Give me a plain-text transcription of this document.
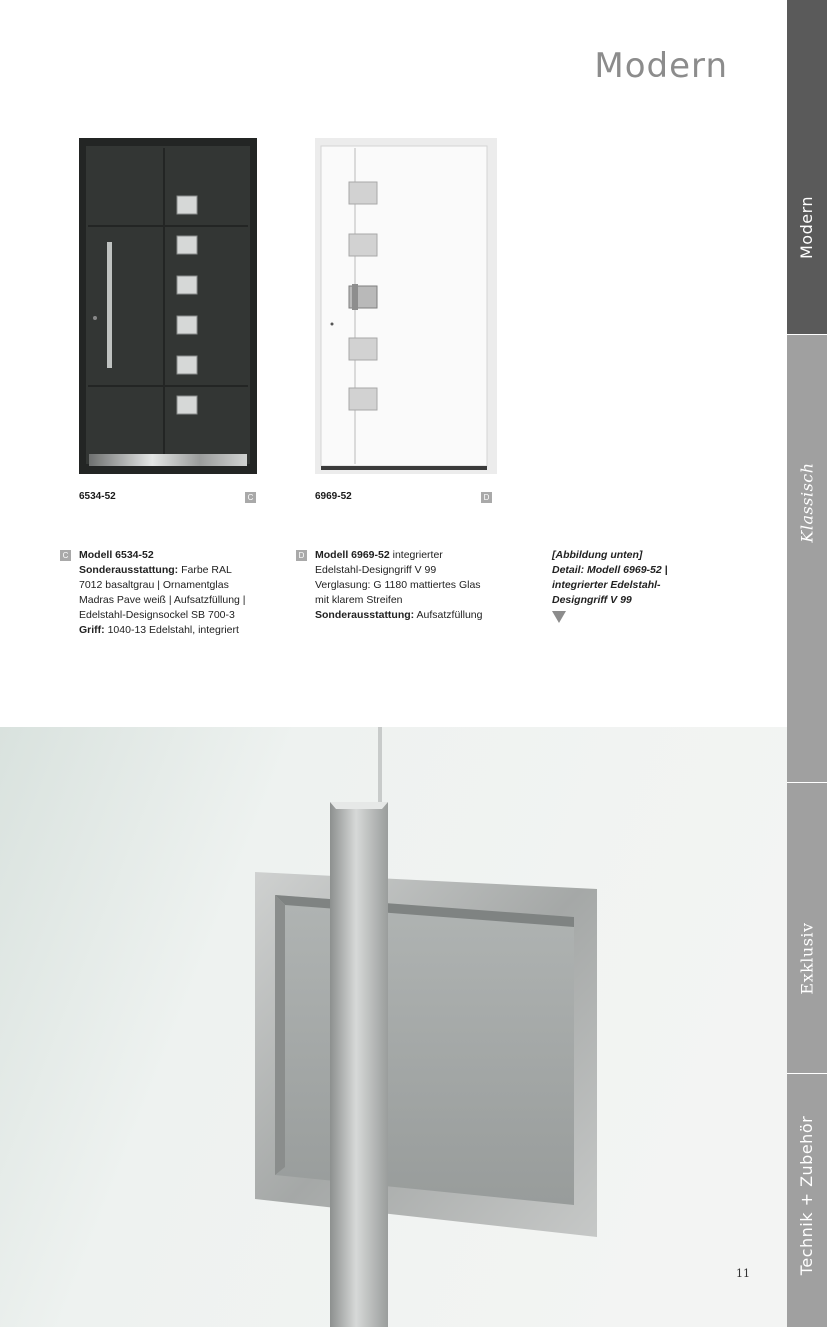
Modern
Modern
Klassisch
Exklusiv
Technik + Zubehör
6534-52	C	6969-52	D
C Modell 6534-52
Sonderausstattung: Farbe RAL
7012 basaltgrau | Ornamentglas
Madras Pave weiß | Aufsatzfüllung |
Edelstahl-Designsockel SB 700-3
Griff: 1040-13 Edelstahl, integriert
D Modell 6969-52 integrierter
Edelstahl-Designgriff V 99
Verglasung: G 1180 mattiertes Glas
mit klarem Streifen
Sonderausstattung: Aufsatzfüllung
[Abbildung unten]
Detail: Modell 6969-52 |
integrierter Edelstahl-
Designgriff V 99
11
